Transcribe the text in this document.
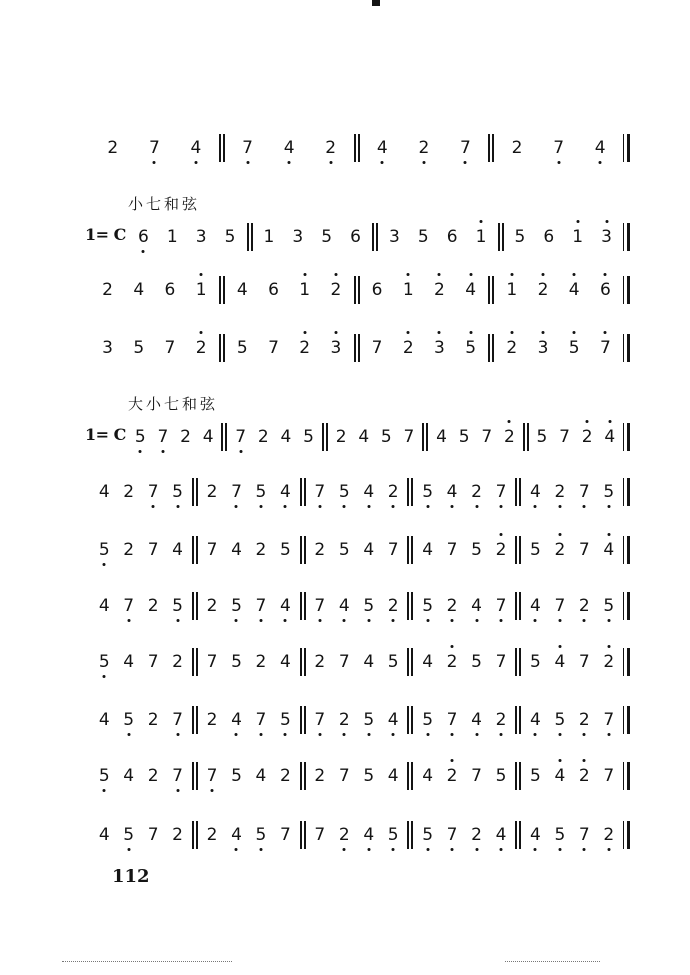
2	7	4	7	4	2	4	2	7	2	7	4
小七和弦
1= C 6	1	3	5	1	3	5	6	3	5	6	1	5	6	1	3
2	4	6	1	4	6	1	2	6	1	2	4	1	2	4	6
3	5	7	2	5	7	2	3	7	2	3	5	2	3	5	7
大小七和弦
1= C 5 7 2 4	7 2 4 5	2 4 5 7	4 5 7 2	5 7 2 4
4 2 7 5	2 7 5 4	7 5 4 2	5 4 2 7	4 2 7 5
5 2 7 4	7 4 2 5	2 5 4 7	4 7 5 2	5 2 7 4
4 7 2 5	2 5 7 4	7 4 5 2	5 2 4 7	4 7 2 5
5 4 7 2	7 5 2 4	2 7 4 5	4 2 5 7	5 4 7 2
4 5 2 7	2 4 7 5	7 2 5 4	5 7 4 2	4 5 2 7
5 4 2 7	7 5 4 2	2 7 5 4	4 2 7 5	5 4 2 7
4 5 7 2	2 4 5 7	7 2 4 5	5 7 2 4	4 5 7 2
112
